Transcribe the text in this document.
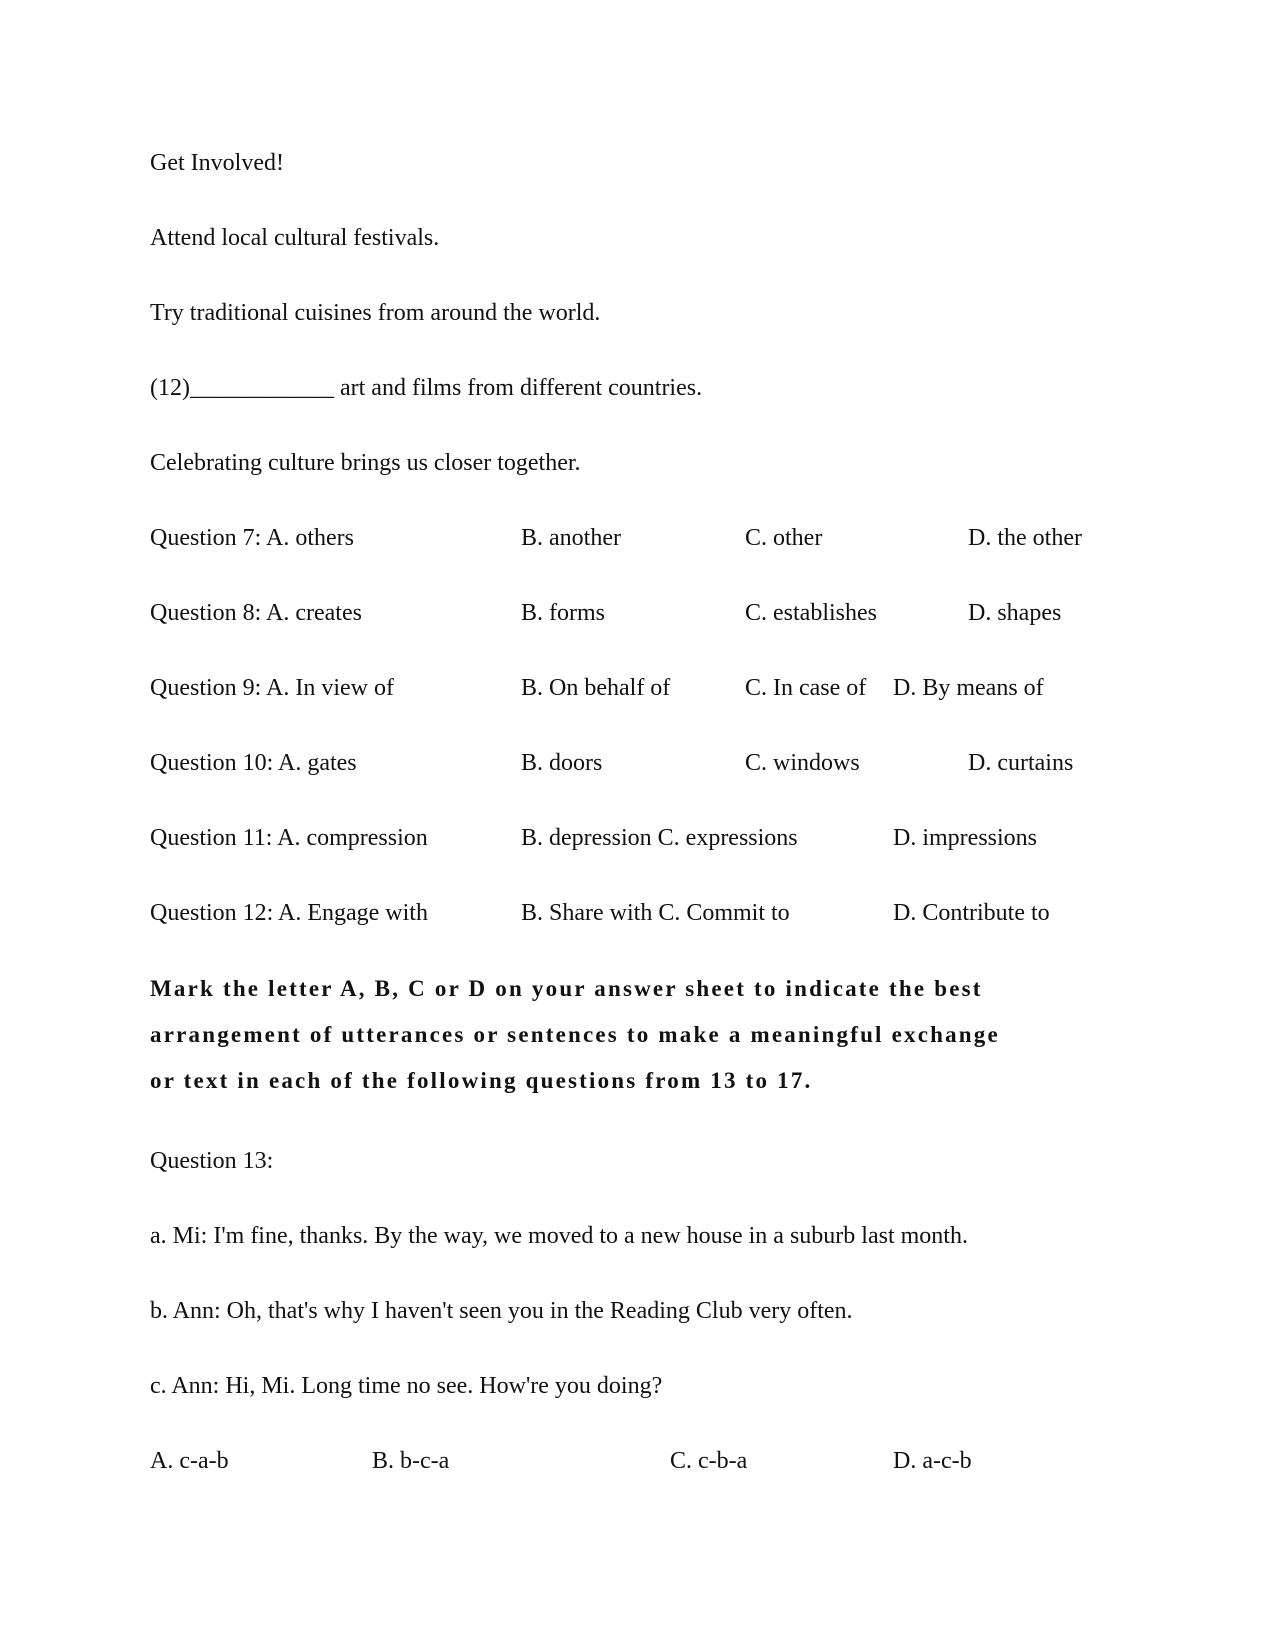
Get Involved!
Attend local cultural festivals.
Try traditional cuisines from around the world.
(12)____________ art and films from different countries.
Celebrating culture brings us closer together.
Question 7: A. others	B. another	C. other	D. the other
Question 8: A. creates	B. forms	C. establishes	D. shapes
Question 9: A. In view of	B. On behalf of	C. In case of D. By means of
Question 10: A. gates	B. doors	C. windows	D. curtains
Question 11: A. compression	B. depression C. expressions	D. impressions
Question 12: A. Engage with	B. Share with C. Commit to	D. Contribute to
Mark the letter A, B, C or D on your answer sheet to indicate the best
arrangement of utterances or sentences to make a meaningful exchange
or text in each of the following questions from 13 to 17.
Question 13:
a. Mi: I'm fine, thanks. By the way, we moved to a new house in a suburb last month.
b. Ann: Oh, that's why I haven't seen you in the Reading Club very often.
c. Ann: Hi, Mi. Long time no see. How're you doing?
A. c-a-b	B. b-c-a	C. c-b-a	D. a-c-b
